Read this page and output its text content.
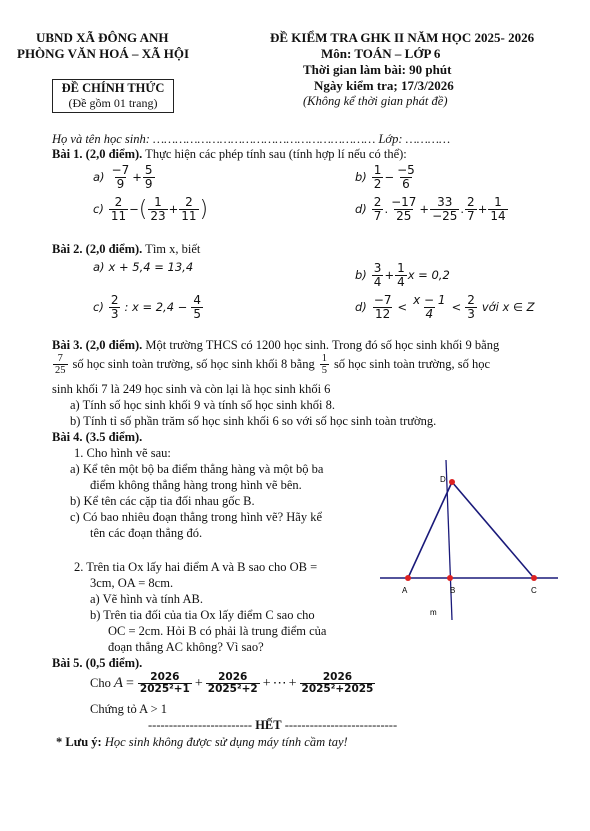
UBND XÃ ĐÔNG ANH
PHÒNG VĂN HOÁ – XÃ HỘI
ĐỀ KIỂM TRA GHK II NĂM HỌC 2025- 2026
Môn: TOÁN – LỚP 6
Thời gian làm bài: 90 phút
ĐỀ CHÍNH THỨC
(Đề gồm 01 trang)
Ngày kiểm tra; 17/3/2026
(Không kể thời gian phát đề)
Họ và tên học sinh: …………………………………………………… Lớp: …………
Bài 1. (2,0 điểm). Thực hiện các phép tính sau (tính hợp lí nếu có thể):
$a) \frac{-7}{9} + \frac{5}{9}$	$b) \frac{1}{2} - \frac{-5}{6}$
$c) \frac{2}{11}$ − ( $\frac{1}{23} + \frac{2}{11}$ )	$d) \frac{2}{7}$ . $\frac{-17}{25} + \frac{33}{-25}$ . $\frac{2}{7} + \frac{1}{14}$
Bài 2. (2,0 điểm). Tìm x, biết
a) x + 5,4 = 13,4
$b) \frac{3}{4} + \frac{1}{4}$ x = 0,2
$c) \frac{2}{3}$ : $x = 2,4 - \frac{4}{5}$	$d) \frac{-7}{12} < \frac{x - 1}{4} < \frac{2}{3}$ với x ∈ Z
Bài 3. (2,0 điểm). Một trường THCS có 1200 học sinh. Trong đó số học sinh khối 9 bằng
$\frac{7}{25}$ số học sinh toàn trường, số học sinh khối 8 bằng $\frac{1}{5}$ số học sinh toàn trường, số học
sinh khối 7 là 249 học sinh và còn lại là học sinh khối 6
a) Tính số học sinh khối 9 và tính số học sinh khối 8.
b) Tính tỉ số phần trăm số học sinh khối 6 so với số học sinh toàn trường.
Bài 4. (3.5 điểm).
1. Cho hình vẽ sau:
a) Kể tên một bộ ba điểm thẳng hàng và một bộ ba
điểm không thẳng hàng trong hình vẽ bên.
b) Kể tên các cặp tia đối nhau gốc B.
c) Có bao nhiêu đoạn thẳng trong hình vẽ? Hãy kể
tên các đoạn thẳng đó.
2. Trên tia Ox lấy hai điểm A và B sao cho OB =
3cm, OA = 8cm.
a) Vẽ hình và tính AB.
b) Trên tia đối của tia Ox lấy điểm C sao cho
OC = 2cm. Hỏi B có phải là trung điểm của
đoạn thẳng AC không? Vì sao?
D
A	B	C
m
Bài 5. (0,5 điểm).
Cho $A = \frac{2026}{\text{2025²+1}} + \frac{2026}{\text{2025²+2}}$ + ⋯ + $\frac{2026}{\text{2025²+2025}}$
Chứng tỏ A > 1
------------------------- HẾT ---------------------------
* Lưu ý: Học sinh không được sử dụng máy tính cầm tay!
